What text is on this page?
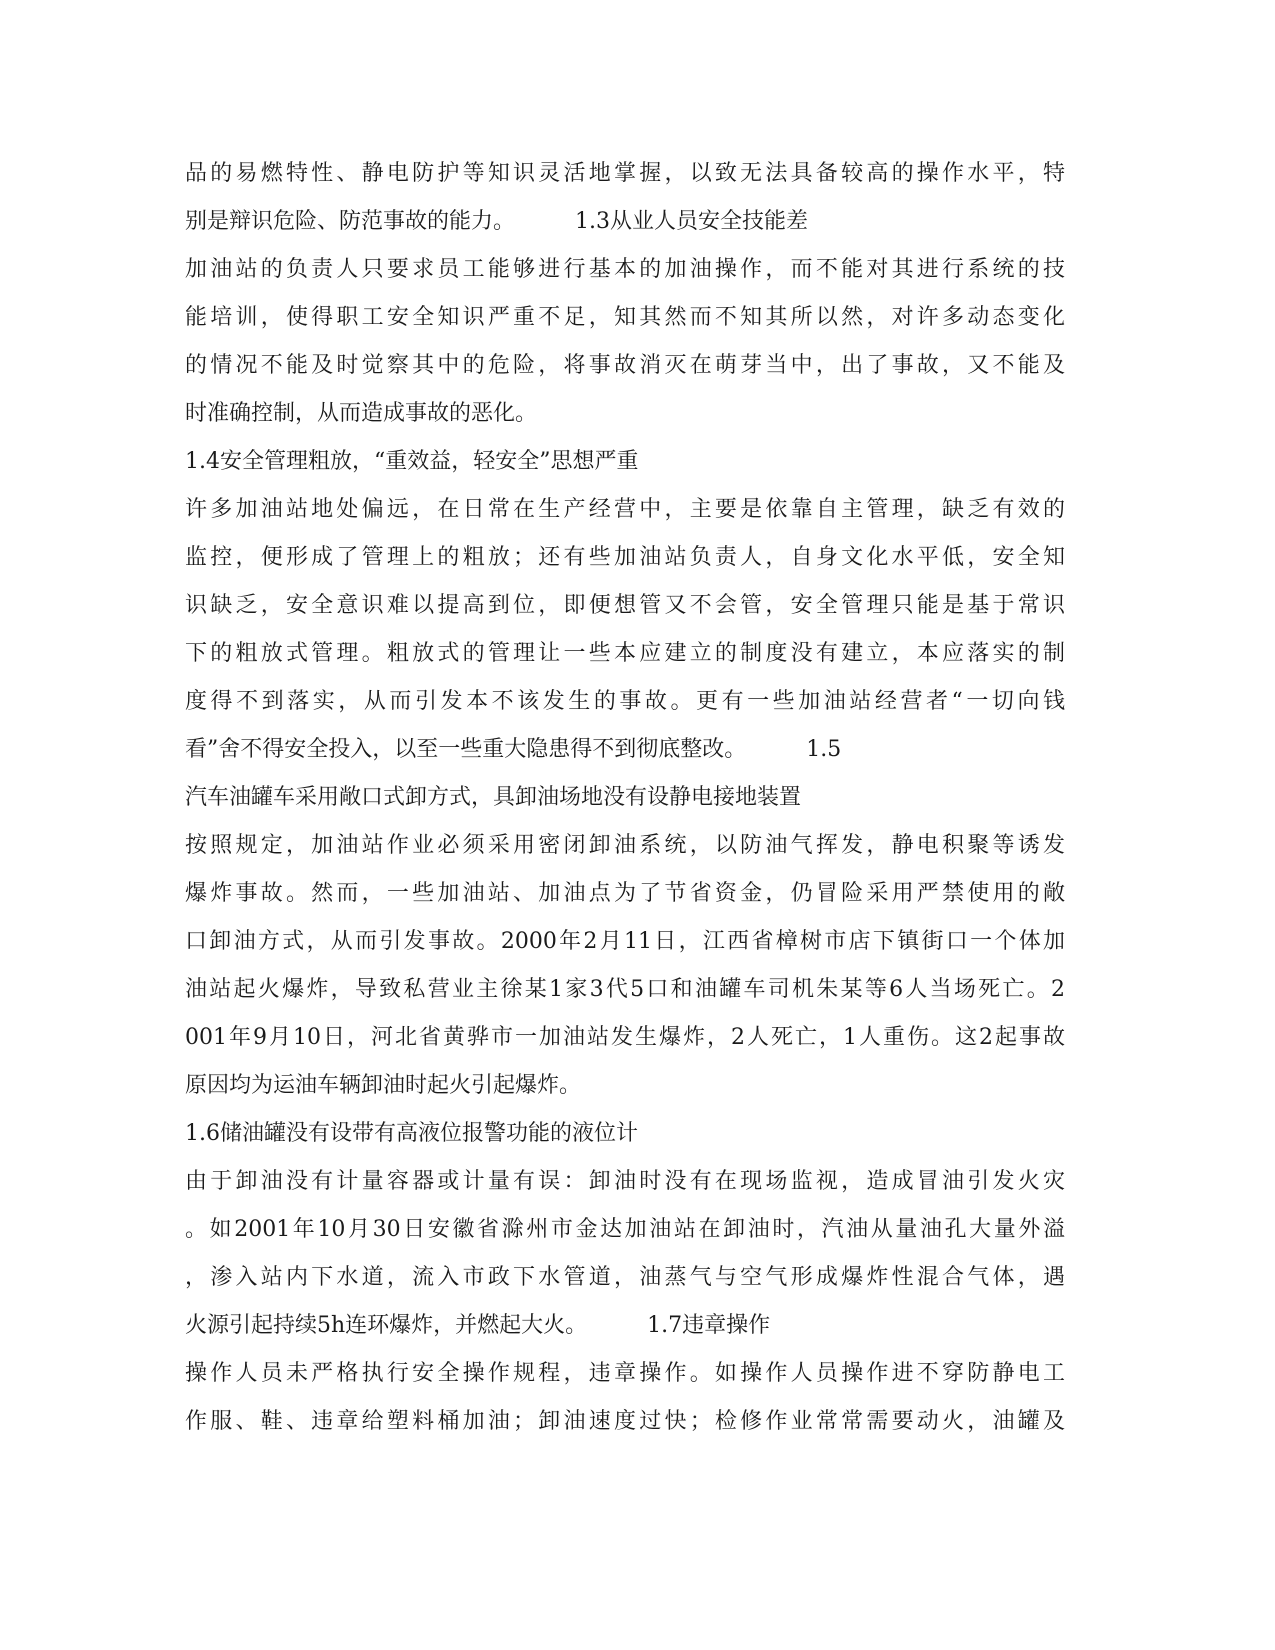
品的易燃特性、静电防护等知识灵活地掌握，以致无法具备较高的操作水平，特
别是辩识危险、防范事故的能力。	1.3从业人员安全技能差
加油站的负责人只要求员工能够进行基本的加油操作，而不能对其进行系统的技
能培训，使得职工安全知识严重不足，知其然而不知其所以然，对许多动态变化
的情况不能及时觉察其中的危险，将事故消灭在萌芽当中，出了事故，又不能及
时准确控制，从而造成事故的恶化。
1.4安全管理粗放，“重效益，轻安全”思想严重
许多加油站地处偏远，在日常在生产经营中，主要是依靠自主管理，缺乏有效的
监控，便形成了管理上的粗放；还有些加油站负责人，自身文化水平低，安全知
识缺乏，安全意识难以提高到位，即便想管又不会管，安全管理只能是基于常识
下的粗放式管理。粗放式的管理让一些本应建立的制度没有建立，本应落实的制
度得不到落实，从而引发本不该发生的事故。更有一些加油站经营者“一切向钱
看”舍不得安全投入，以至一些重大隐患得不到彻底整改。	1.5
汽车油罐车采用敞口式卸方式，具卸油场地没有设静电接地装置
按照规定，加油站作业必须采用密闭卸油系统，以防油气挥发，静电积聚等诱发
爆炸事故。然而，一些加油站、加油点为了节省资金，仍冒险采用严禁使用的敞
口卸油方式，从而引发事故。2000年2月11日，江西省樟树市店下镇街口一个体加
油站起火爆炸，导致私营业主徐某1家3代5口和油罐车司机朱某等6人当场死亡。2
001年9月10日，河北省黄骅市一加油站发生爆炸，2人死亡，1人重伤。这2起事故
原因均为运油车辆卸油时起火引起爆炸。
1.6储油罐没有设带有高液位报警功能的液位计
由于卸油没有计量容器或计量有误：卸油时没有在现场监视，造成冒油引发火灾
。如2001年10月30日安徽省滁州市金达加油站在卸油时，汽油从量油孔大量外溢
，渗入站内下水道，流入市政下水管道，油蒸气与空气形成爆炸性混合气体，遇
火源引起持续5h连环爆炸，并燃起大火。	1.7违章操作
操作人员未严格执行安全操作规程，违章操作。如操作人员操作进不穿防静电工
作服、鞋、违章给塑料桶加油；卸油速度过快；检修作业常常需要动火，油罐及
